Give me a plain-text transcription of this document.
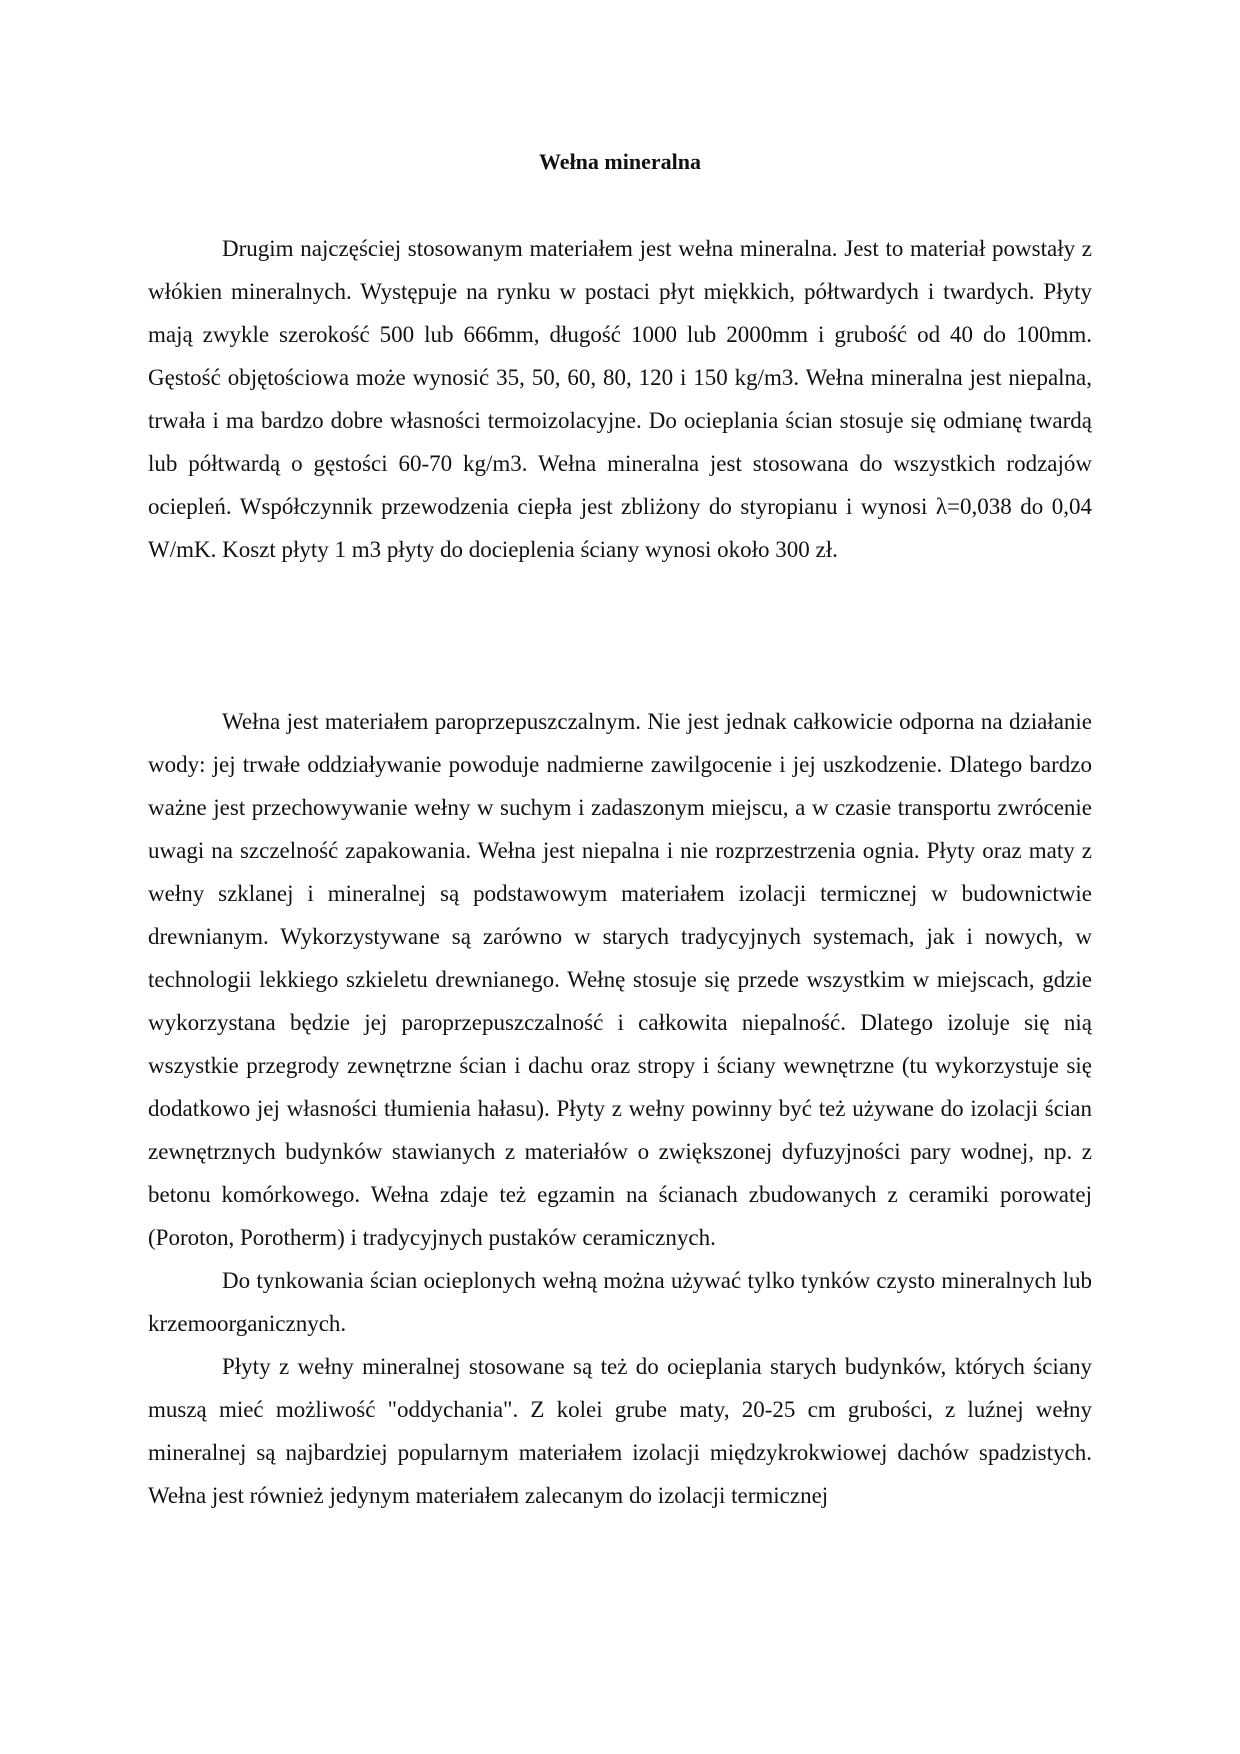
Wełna mineralna

Drugim najczęściej stosowanym materiałem jest wełna mineralna. Jest to materiał powstały z włókien mineralnych. Występuje na rynku w postaci płyt miękkich, półtwardych i twardych. Płyty mają zwykle szerokość 500 lub 666mm, długość 1000 lub 2000mm i grubość od 40 do 100mm. Gęstość objętościowa może wynosić 35, 50, 60, 80, 120 i 150 kg/m3. Wełna mineralna jest niepalna, trwała i ma bardzo dobre własności termoizolacyjne. Do ocieplania ścian stosuje się odmianę twardą lub półtwardą o gęstości 60-70 kg/m3. Wełna mineralna jest stosowana do wszystkich rodzajów ociepleń. Współczynnik przewodzenia ciepła jest zbliżony do styropianu i wynosi λ=0,038 do 0,04 W/mK. Koszt płyty 1 m3 płyty do docieplenia ściany wynosi około 300 zł.

Wełna jest materiałem paroprzepuszczalnym. Nie jest jednak całkowicie odporna na działanie wody: jej trwałe oddziaływanie powoduje nadmierne zawilgocenie i jej uszkodzenie. Dlatego bardzo ważne jest przechowywanie wełny w suchym i zadaszonym miejscu, a w czasie transportu zwrócenie uwagi na szczelność zapakowania. Wełna jest niepalna i nie rozprzestrzenia ognia. Płyty oraz maty z wełny szklanej i mineralnej są podstawowym materiałem izolacji termicznej w budownictwie drewnianym. Wykorzystywane są zarówno w starych tradycyjnych systemach, jak i nowych, w technologii lekkiego szkieletu drewnianego. Wełnę stosuje się przede wszystkim w miejscach, gdzie wykorzystana będzie jej paroprzepuszczalność i całkowita niepalność. Dlatego izoluje się nią wszystkie przegrody zewnętrzne ścian i dachu oraz stropy i ściany wewnętrzne (tu wykorzystuje się dodatkowo jej własności tłumienia hałasu). Płyty z wełny powinny być też używane do izolacji ścian zewnętrznych budynków stawianych z materiałów o zwiększonej dyfuzyjności pary wodnej, np. z betonu komórkowego. Wełna zdaje też egzamin na ścianach zbudowanych z ceramiki porowatej (Poroton, Porotherm) i tradycyjnych pustaków ceramicznych.

Do tynkowania ścian ocieplonych wełną można używać tylko tynków czysto mineralnych lub krzemoorganicznych.

Płyty z wełny mineralnej stosowane są też do ocieplania starych budynków, których ściany muszą mieć możliwość "oddychania". Z kolei grube maty, 20-25 cm grubości, z luźnej wełny mineralnej są najbardziej popularnym materiałem izolacji międzykrokwiowej dachów spadzistych. Wełna jest również jedynym materiałem zalecanym do izolacji termicznej
